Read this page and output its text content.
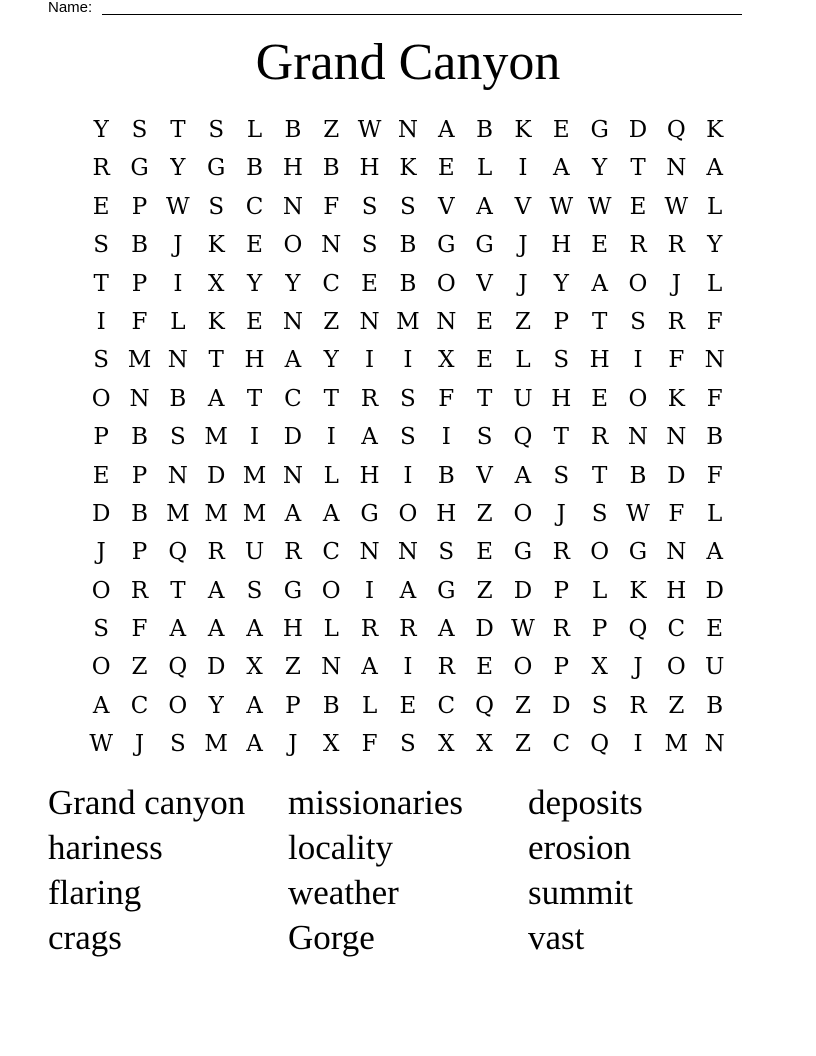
Name:
Grand Canyon
Y S T S L B Z W N A B K E G D Q K
R G Y G B H B H K E L	I	A Y	T N A
E P W S C N F S S V A V W W E W L
S B	J	K E O N S B G G	J	H E R R Y
T P	I	X Y	Y C E B O V	J	Y A O	J	L
I	F L K E N Z N M N E Z P T S R F
S M N T H A Y	I	I	X E L S H	I	F N
O N B A T C T R S F T U H E O K F
P B S M I	D	I	A S	I	S Q T R N N B
E P N D M N L H	I	B V A S T B D F
D B M M M A A G O H Z O	J	S W F L
J	P Q R U R C N N S E G R O G N A
O R T A S G O	I	A G Z D P L K H D
S F A A A H L R R A D W R P Q C E
O Z Q D X Z N A	I	R E O P X	J	O U
A C O Y A P B L E C Q Z D S R Z B
W J	S M A	J	X F S X X Z C Q	I M N
Grand canyon	missionaries	deposits
hariness	locality	erosion
flaring	weather	summit
crags	Gorge	vast
